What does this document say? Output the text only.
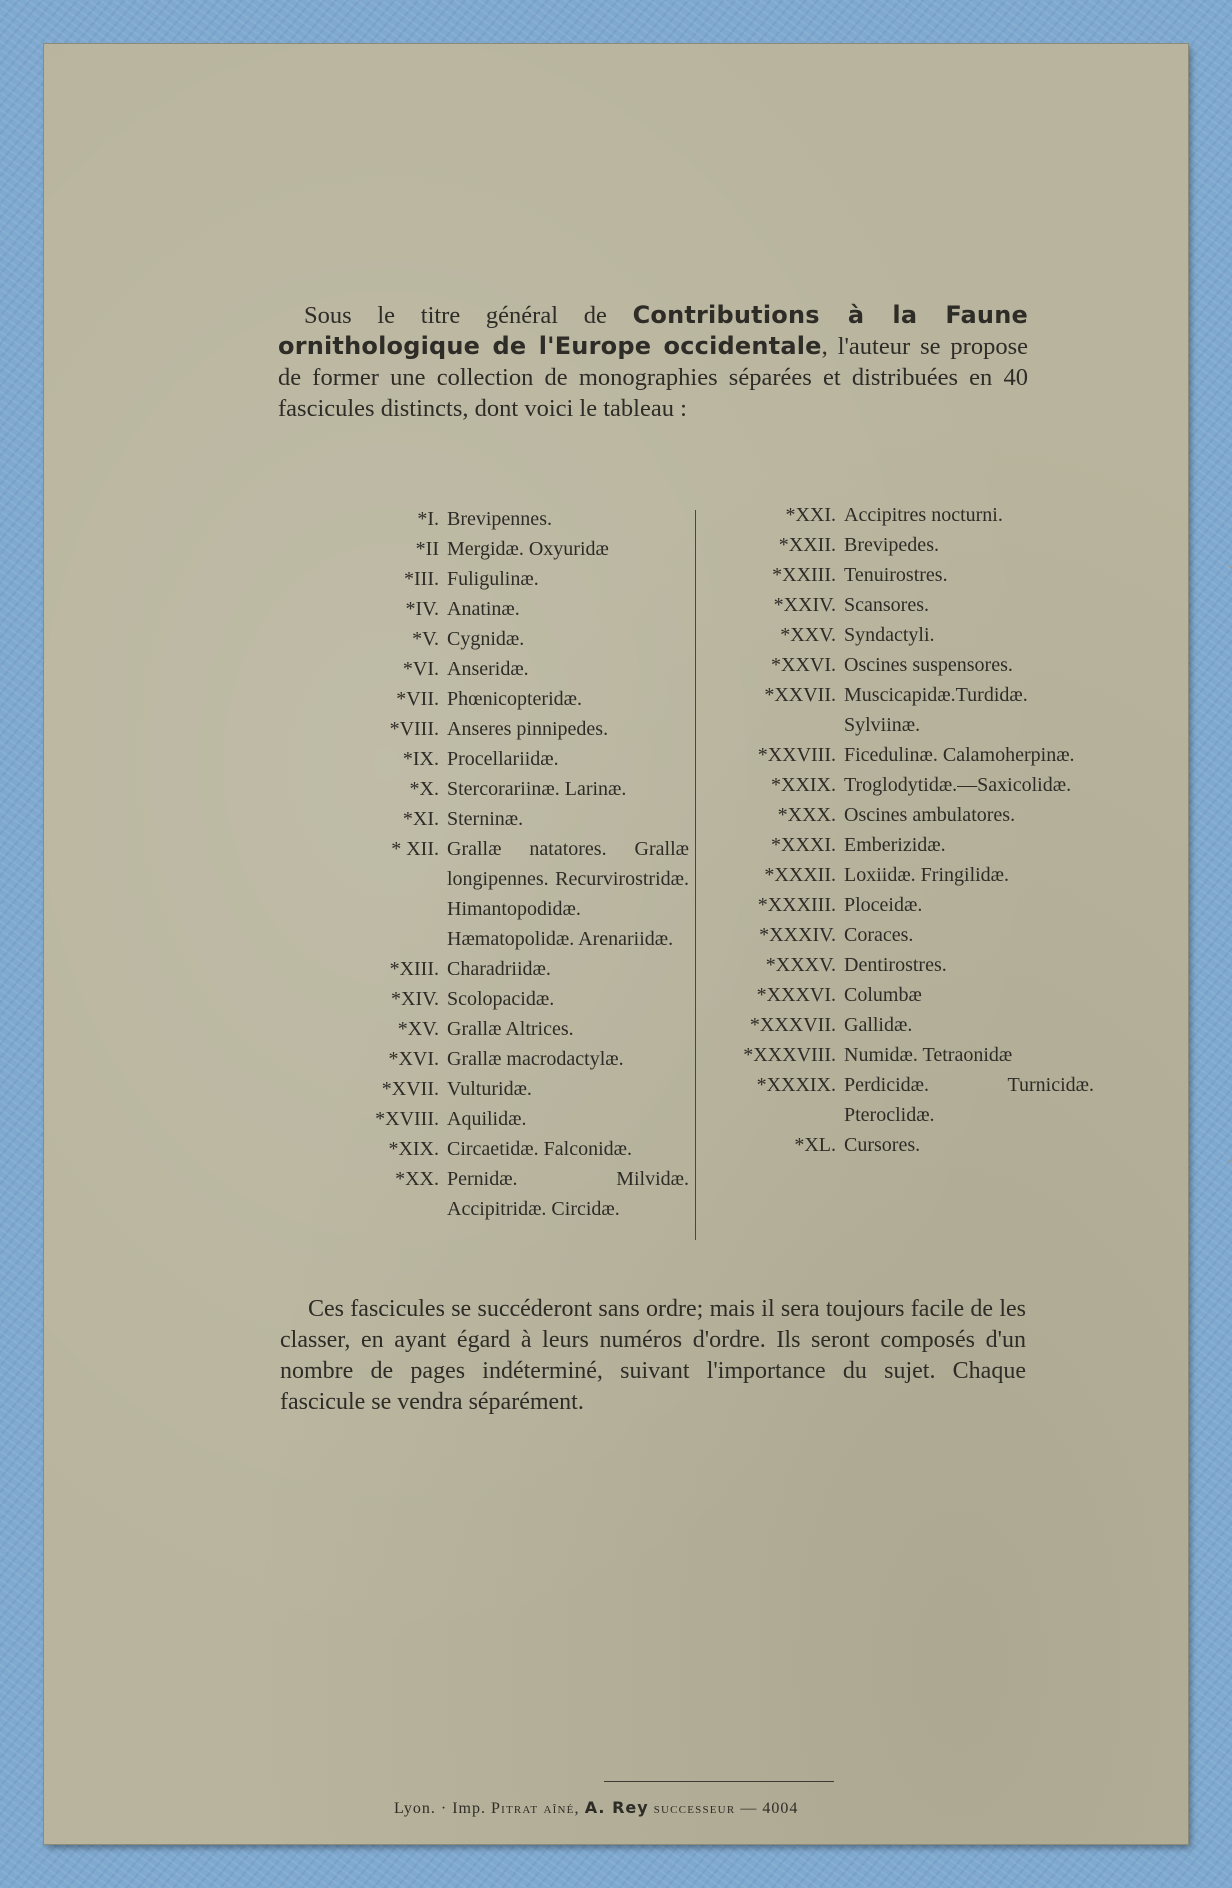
Sous le titre général de Contributions à la Faune ornithologique de l'Europe occidentale, l'auteur se propose de former une collection de monographies séparées et distribuées en 40 fascicules distincts, dont voici le tableau :

*I. Brevipennes.
*II Mergidæ. Oxyuridæ
*III. Fuligulinæ.
*IV. Anatinæ.
*V. Cygnidæ.
*VI. Anseridæ.
*VII. Phœnicopteridæ.
*VIII. Anseres pinnipedes.
*IX. Procellariidæ.
*X. Stercorariinæ. Larinæ.
*XI. Sterninæ.
* XII. Grallæ natatores. Grallæ longipennes. Recurvirostridæ. Himantopodidæ. Hæmatopolidæ. Arenariidæ.
*XIII. Charadriidæ.
*XIV. Scolopacidæ.
*XV. Grallæ Altrices.
*XVI. Grallæ macrodactylæ.
*XVII. Vulturidæ.
*XVIII. Aquilidæ.
*XIX. Circaetidæ. Falconidæ.
*XX. Pernidæ. Milvidæ. Accipitridæ. Circidæ.
*XXI. Accipitres nocturni.
*XXII. Brevipedes.
*XXIII. Tenuirostres.
*XXIV. Scansores.
*XXV. Syndactyli.
*XXVI. Oscines suspensores.
*XXVII. Muscicapidæ.Turdidæ. Sylviinæ.
*XXVIII. Ficedulinæ. Calamoherpinæ.
*XXIX. Troglodytidæ.—Saxicolidæ.
*XXX. Oscines ambulatores.
*XXXI. Emberizidæ.
*XXXII. Loxiidæ. Fringilidæ.
*XXXIII. Ploceidæ.
*XXXIV. Coraces.
*XXXV. Dentirostres.
*XXXVI. Columbæ
*XXXVII. Gallidæ.
*XXXVIII. Numidæ. Tetraonidæ
*XXXIX. Perdicidæ. Turnicidæ. Pteroclidæ.
*XL. Cursores.

Ces fascicules se succéderont sans ordre; mais il sera toujours facile de les classer, en ayant égard à leurs numéros d'ordre. Ils seront composés d'un nombre de pages indéterminé, suivant l'importance du sujet. Chaque fascicule se vendra séparément.

Lyon. · Imp. Pitrat aîné, A. Rey successeur — 4004
